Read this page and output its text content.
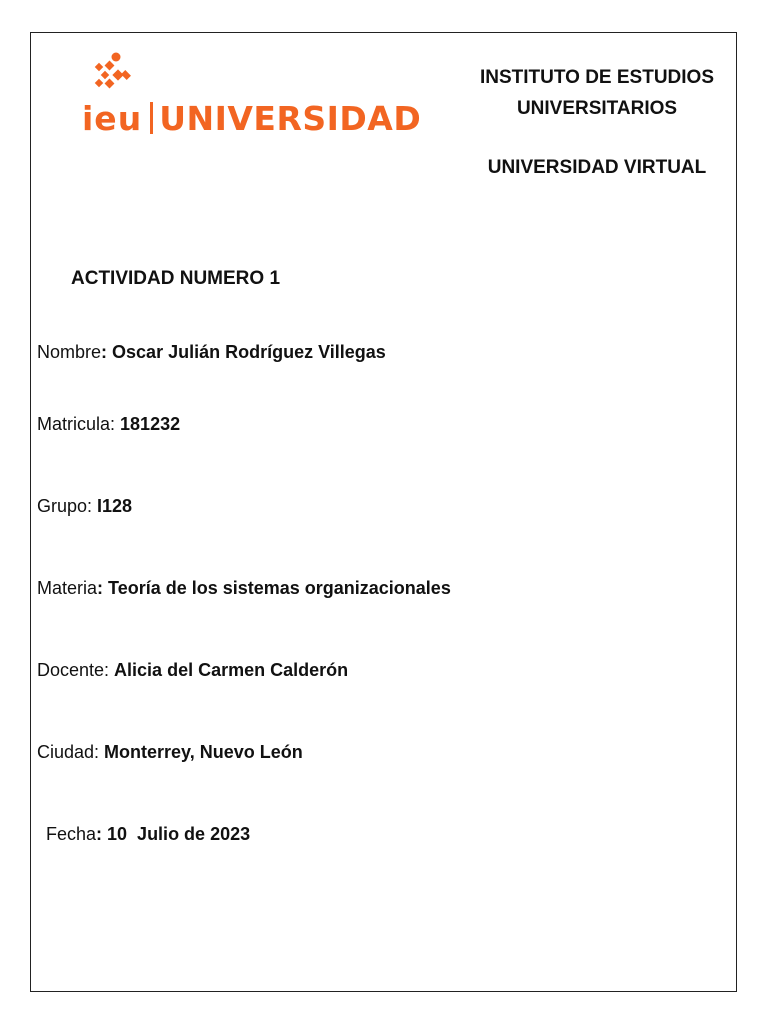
ieu UNIVERSIDAD
INSTITUTO DE ESTUDIOS
UNIVERSITARIOS
UNIVERSIDAD VIRTUAL
ACTIVIDAD NUMERO 1
Nombre: Oscar Julián Rodríguez Villegas
Matricula: 181232
Grupo: I128
Materia: Teoría de los sistemas organizacionales
Docente: Alicia del Carmen Calderón
Ciudad: Monterrey, Nuevo León
Fecha: 10  Julio de 2023
